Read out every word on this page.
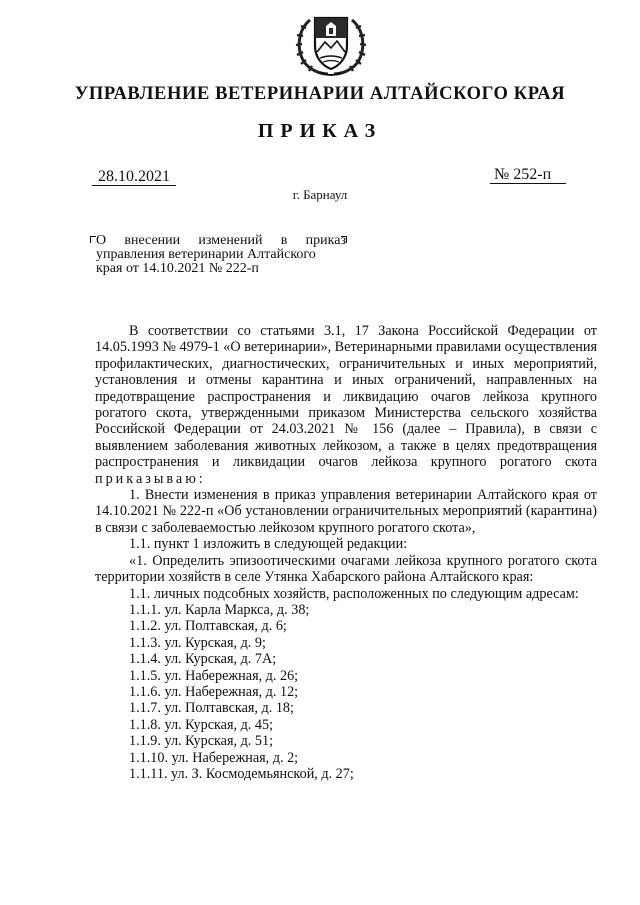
УПРАВЛЕНИЕ ВЕТЕРИНАРИИ АЛТАЙСКОГО КРАЯ
ПРИКАЗ
28.10.2021	№ 252-п
г. Барнаул
О внесении изменений в приказ
управления ветеринарии Алтайского
края от 14.10.2021 № 222-п

В соответствии со статьями 3.1, 17 Закона Российской Федерации от 14.05.1993 № 4979-1 «О ветеринарии», Ветеринарными правилами осуществления профилактических, диагностических, ограничительных и иных мероприятий, установления и отмены карантина и иных ограничений, направленных на предотвращение распространения и ликвидацию очагов лейкоза крупного рогатого скота, утвержденными приказом Министерства сельского хозяйства Российской Федерации от 24.03.2021 № 156 (далее – Правила), в связи с выявлением заболевания животных лейкозом, а также в целях предотвращения распространения и ликвидации очагов лейкоза крупного рогатого скота приказываю:

1. Внести изменения в приказ управления ветеринарии Алтайского края от 14.10.2021 № 222-п «Об установлении ограничительных мероприятий (карантина) в связи с заболеваемостью лейкозом крупного рогатого скота»,

1.1. пункт 1 изложить в следующей редакции:

«1. Определить эпизоотическими очагами лейкоза крупного рогатого скота территории хозяйств в селе Утянка Хабарского района Алтайского края:

1.1. личных подсобных хозяйств, расположенных по следующим адресам:

1.1.1. ул. Карла Маркса, д. 38;

1.1.2. ул. Полтавская, д. 6;

1.1.3. ул. Курская, д. 9;

1.1.4. ул. Курская, д. 7А;

1.1.5. ул. Набережная, д. 26;

1.1.6. ул. Набережная, д. 12;

1.1.7. ул. Полтавская, д. 18;

1.1.8. ул. Курская, д. 45;

1.1.9. ул. Курская, д. 51;

1.1.10. ул. Набережная, д. 2;

1.1.11. ул. З. Космодемьянской, д. 27;
